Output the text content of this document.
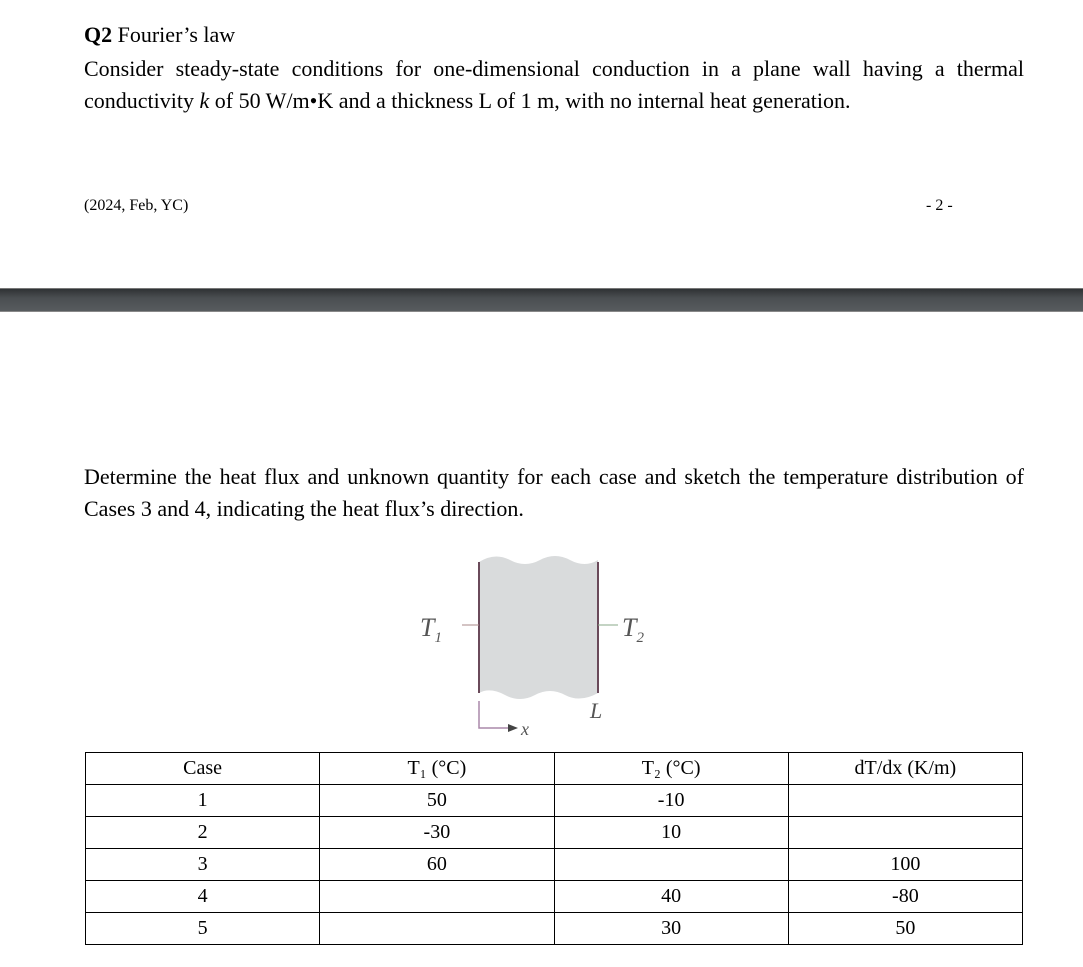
Q2 Fourier’s law
Consider steady-state conditions for one-dimensional conduction in a plane wall having a thermal conductivity k of 50 W/m•K and a thickness L of 1 m, with no internal heat generation.
(2024, Feb, YC)	- 2 -
Determine the heat flux and unknown quantity for each case and sketch the temperature distribution of Cases 3 and 4, indicating the heat flux’s direction.
$T_1$	$T_2$
L
x
Case	T₁ (°C)	T₂ (°C)	dT/dx (K/m)
1	50	-10	
2	-30	10	
3	60		100
4		40	-80
5		30	50
